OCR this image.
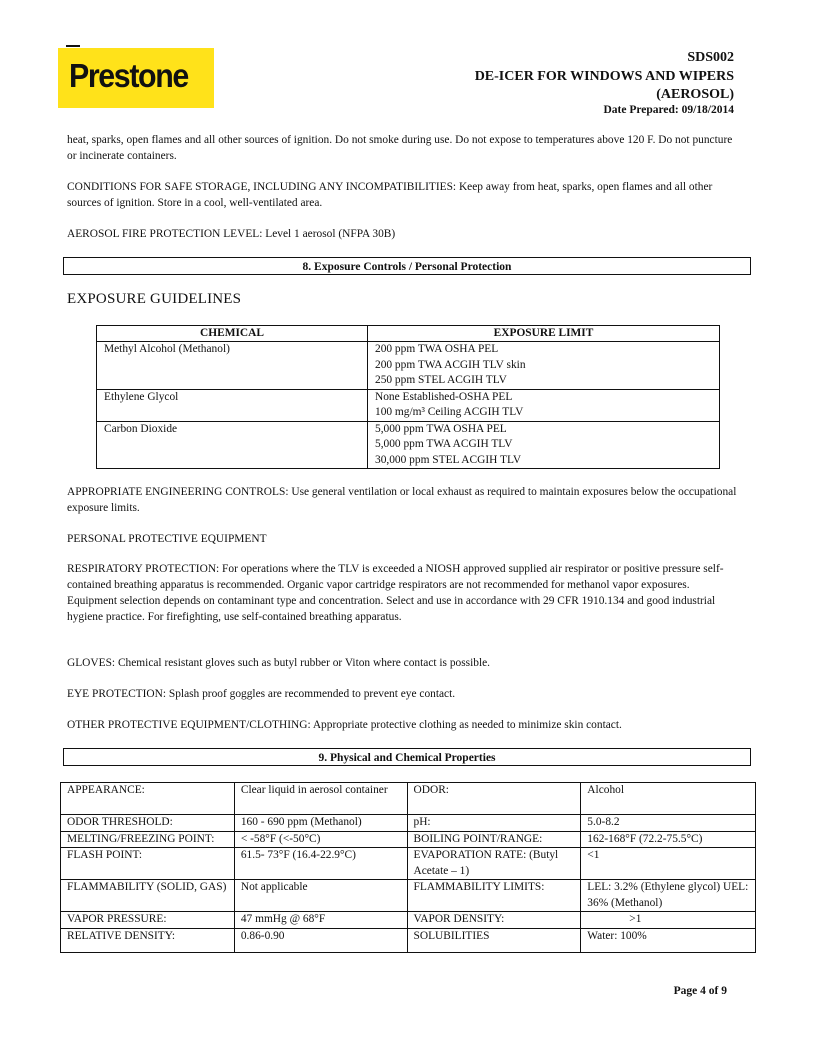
Prestone	SDS002
DE-ICER FOR WINDOWS AND WIPERS
(AEROSOL)
Date Prepared: 09/18/2014
heat, sparks, open flames and all other sources of ignition. Do not smoke during use. Do not expose to temperatures above 120 F. Do not puncture or incinerate containers.
CONDITIONS FOR SAFE STORAGE, INCLUDING ANY INCOMPATIBILITIES: Keep away from heat, sparks, open flames and all other sources of ignition. Store in a cool, well-ventilated area.
AEROSOL FIRE PROTECTION LEVEL: Level 1 aerosol (NFPA 30B)
8. Exposure Controls / Personal Protection
EXPOSURE GUIDELINES
CHEMICAL	EXPOSURE LIMIT
Methyl Alcohol (Methanol)	200 ppm TWA OSHA PEL
200 ppm TWA ACGIH TLV skin
250 ppm STEL ACGIH TLV

Ethylene Glycol	None Established-OSHA PEL
100 mg/m³ Ceiling ACGIH TLV

Carbon Dioxide	5,000 ppm TWA OSHA PEL
5,000 ppm TWA ACGIH TLV
30,000 ppm STEL ACGIH TLV
APPROPRIATE ENGINEERING CONTROLS: Use general ventilation or local exhaust as required to maintain exposures below the occupational exposure limits.
PERSONAL PROTECTIVE EQUIPMENT
RESPIRATORY PROTECTION: For operations where the TLV is exceeded a NIOSH approved supplied air respirator or positive pressure self-contained breathing apparatus is recommended. Organic vapor cartridge respirators are not recommended for methanol vapor exposures. Equipment selection depends on contaminant type and concentration. Select and use in accordance with 29 CFR 1910.134 and good industrial hygiene practice. For firefighting, use self-contained breathing apparatus.
GLOVES: Chemical resistant gloves such as butyl rubber or Viton where contact is possible.
EYE PROTECTION: Splash proof goggles are recommended to prevent eye contact.
OTHER PROTECTIVE EQUIPMENT/CLOTHING: Appropriate protective clothing as needed to minimize skin contact.
9. Physical and Chemical Properties
APPEARANCE:	Clear liquid in aerosol container	ODOR:	Alcohol
ODOR THRESHOLD:	160 - 690 ppm (Methanol)	pH:	5.0-8.2
MELTING/FREEZING POINT:	< -58°F (<-50°C)	BOILING POINT/RANGE:	162-168°F (72.2-75.5°C)
FLASH POINT:	61.5- 73°F (16.4-22.9°C)	EVAPORATION RATE: (Butyl Acetate – 1)	<1
FLAMMABILITY (SOLID, GAS)	Not applicable	FLAMMABILITY LIMITS:	LEL: 3.2% (Ethylene glycol) UEL: 36% (Methanol)
VAPOR PRESSURE:	47 mmHg @ 68°F	VAPOR DENSITY:	>1
RELATIVE DENSITY:	0.86-0.90	SOLUBILITIES	Water: 100%
Page 4 of 9
